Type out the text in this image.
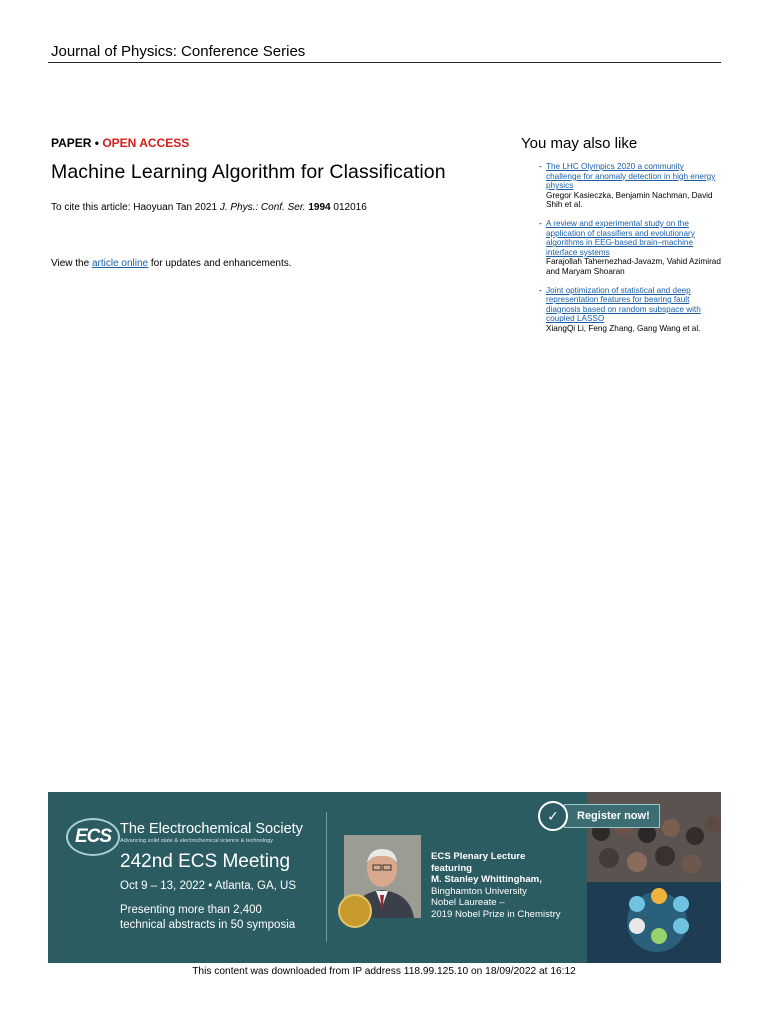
Journal of Physics: Conference Series
PAPER • OPEN ACCESS
Machine Learning Algorithm for Classification
To cite this article: Haoyuan Tan 2021 J. Phys.: Conf. Ser. 1994 012016
View the article online for updates and enhancements.
You may also like
- The LHC Olympics 2020 a community challenge for anomaly detection in high energy physics
Gregor Kasieczka, Benjamin Nachman, David Shih et al.
- A review and experimental study on the application of classifiers and evolutionary algorithms in EEG-based brain–machine interface systems
Farajollah Tahernezhad-Javazm, Vahid Azimirad and Maryam Shoaran
- Joint optimization of statistical and deep representation features for bearing fault diagnosis based on random subspace with coupled LASSO
XiangQi Li, Feng Zhang, Gang Wang et al.
ECS The Electrochemical Society
Advancing solid state & electrochemical science & technology
242nd ECS Meeting
Oct 9 – 13, 2022 • Atlanta, GA, US
Presenting more than 2,400
technical abstracts in 50 symposia
ECS Plenary Lecture
featuring
M. Stanley Whittingham,
Binghamton University
Nobel Laureate –
2019 Nobel Prize in Chemistry
✓	Register now!
This content was downloaded from IP address 118.99.125.10 on 18/09/2022 at 16:12
